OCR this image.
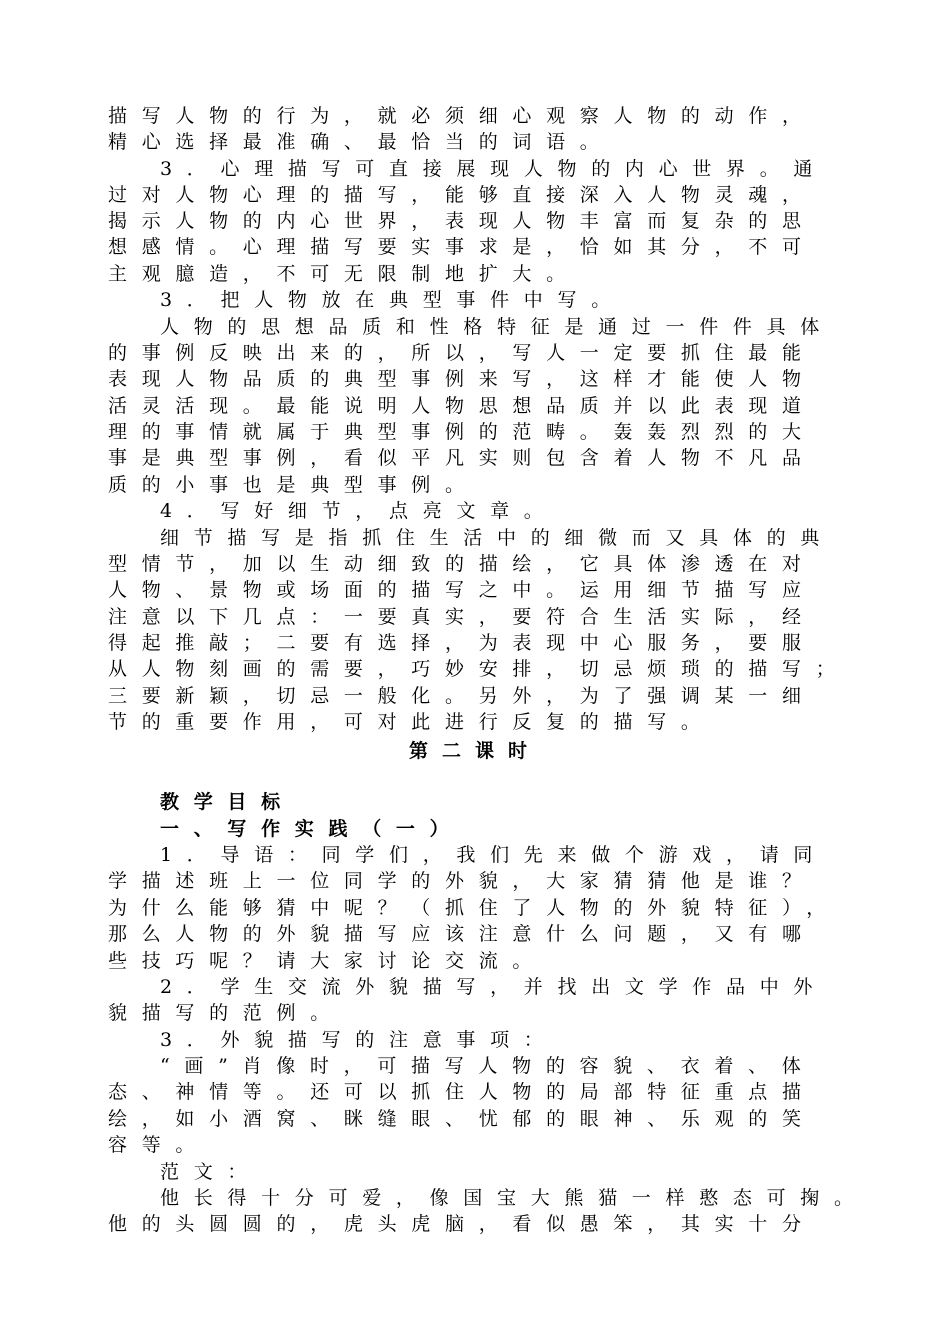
描写人物的行为，就必须细心观察人物的动作，
精心选择最准确、最恰当的词语。
3．心理描写可直接展现人物的内心世界。通
过对人物心理的描写，能够直接深入人物灵魂，
揭示人物的内心世界，表现人物丰富而复杂的思
想感情。心理描写要实事求是，恰如其分，不可
主观臆造，不可无限制地扩大。
3．把人物放在典型事件中写。
人物的思想品质和性格特征是通过一件件具体
的事例反映出来的，所以，写人一定要抓住最能
表现人物品质的典型事例来写，这样才能使人物
活灵活现。最能说明人物思想品质并以此表现道
理的事情就属于典型事例的范畴。轰轰烈烈的大
事是典型事例，看似平凡实则包含着人物不凡品
质的小事也是典型事例。
4．写好细节，点亮文章。
细节描写是指抓住生活中的细微而又具体的典
型情节，加以生动细致的描绘，它具体渗透在对
人物、景物或场面的描写之中。运用细节描写应
注意以下几点：一要真实，要符合生活实际，经
得起推敲；二要有选择，为表现中心服务，要服
从人物刻画的需要，巧妙安排，切忌烦琐的描写；
三要新颖，切忌一般化。另外，为了强调某一细
节的重要作用，可对此进行反复的描写。
第二课时
教学目标
一、写作实践（一）
1．导语：同学们，我们先来做个游戏，请同
学描述班上一位同学的外貌，大家猜猜他是谁？
为什么能够猜中呢？（抓住了人物的外貌特征），
那么人物的外貌描写应该注意什么问题，又有哪
些技巧呢？请大家讨论交流。
2．学生交流外貌描写，并找出文学作品中外
貌描写的范例。
3．外貌描写的注意事项：
“画”肖像时，可描写人物的容貌、衣着、体
态、神情等。还可以抓住人物的局部特征重点描
绘，如小酒窝、眯缝眼、忧郁的眼神、乐观的笑
容等。
范文：
他长得十分可爱，像国宝大熊猫一样憨态可掬。
他的头圆圆的，虎头虎脑，看似愚笨，其实十分
